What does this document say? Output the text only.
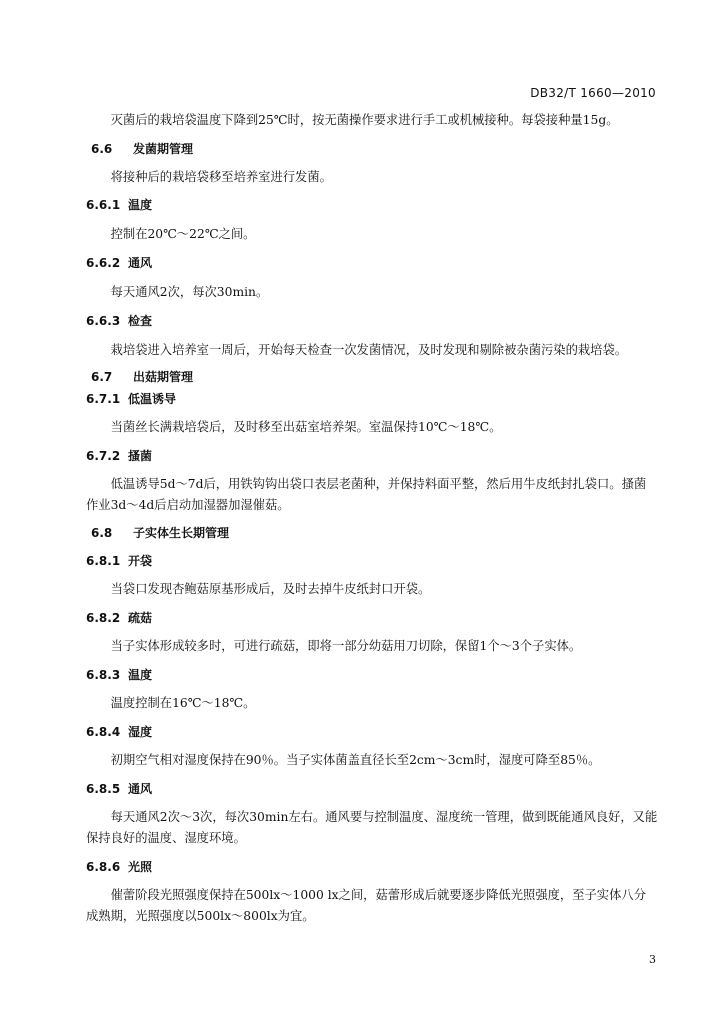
DB32/T 1660—2010

灭菌后的栽培袋温度下降到25℃时，按无菌操作要求进行手工或机械接种。每袋接种量15g。

6.6 发菌期管理

将接种后的栽培袋移至培养室进行发菌。

6.6.1 温度

控制在20℃～22℃之间。

6.6.2 通风

每天通风2次，每次30min。

6.6.3 检查

栽培袋进入培养室一周后，开始每天检查一次发菌情况，及时发现和剔除被杂菌污染的栽培袋。

6.7 出菇期管理

6.7.1 低温诱导

当菌丝长满栽培袋后，及时移至出菇室培养架。室温保持10℃～18℃。

6.7.2 搔菌

低温诱导5d～7d后，用铁钩钩出袋口表层老菌种，并保持料面平整，然后用牛皮纸封扎袋口。搔菌作业3d～4d后启动加湿器加湿催菇。

6.8 子实体生长期管理

6.8.1 开袋

当袋口发现杏鲍菇原基形成后，及时去掉牛皮纸封口开袋。

6.8.2 疏菇

当子实体形成较多时，可进行疏菇，即将一部分幼菇用刀切除，保留1个～3个子实体。

6.8.3 温度

温度控制在16℃～18℃。

6.8.4 湿度

初期空气相对湿度保持在90％。当子实体菌盖直径长至2cm～3cm时，湿度可降至85％。

6.8.5 通风

每天通风2次～3次，每次30min左右。通风要与控制温度、湿度统一管理，做到既能通风良好，又能保持良好的温度、湿度环境。

6.8.6 光照

催蕾阶段光照强度保持在500lx～1000 lx之间，菇蕾形成后就要逐步降低光照强度，至子实体八分成熟期，光照强度以500lx～800lx为宜。

3
